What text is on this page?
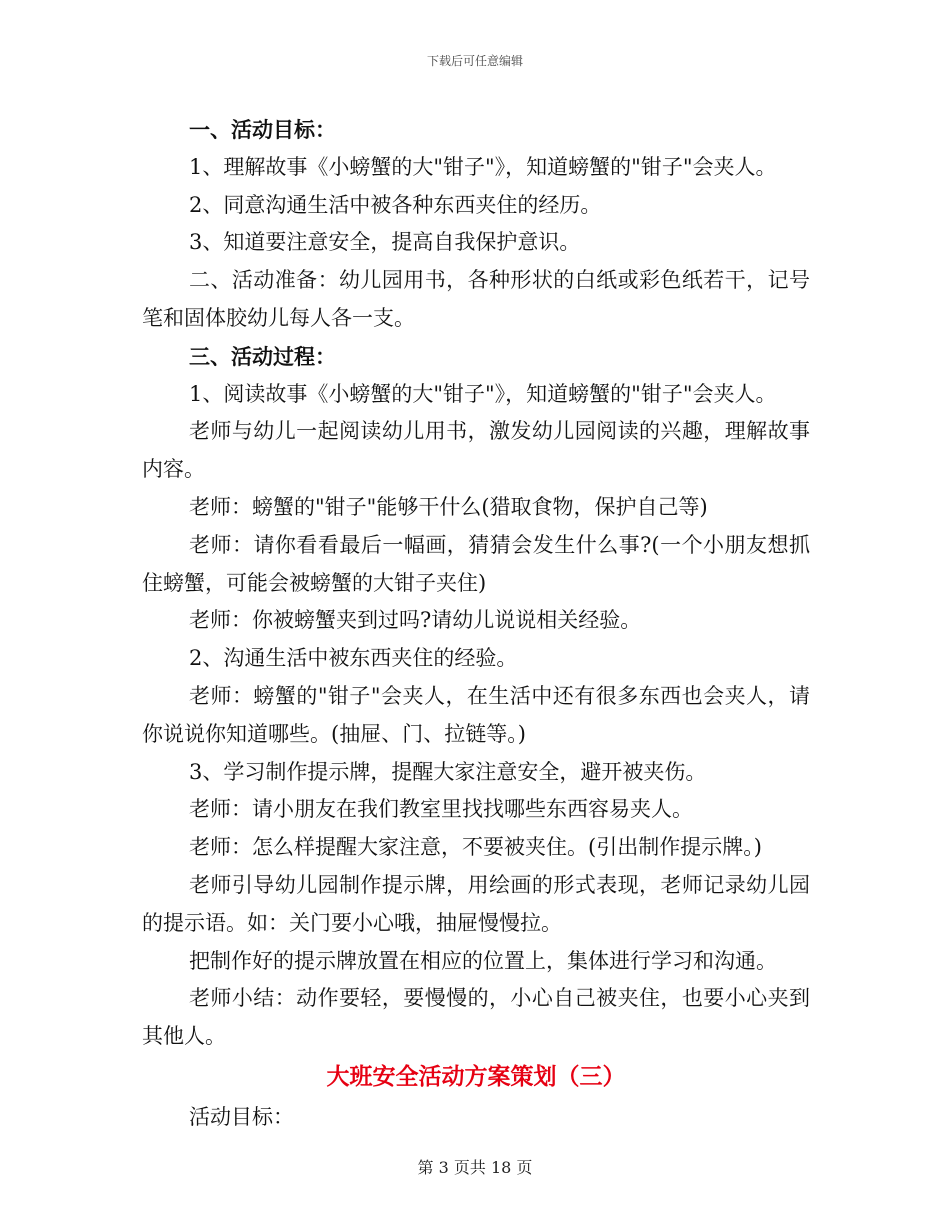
下载后可任意编辑

一、活动目标：

1、理解故事《小螃蟹的大"钳子"》，知道螃蟹的"钳子"会夹人。

2、同意沟通生活中被各种东西夹住的经历。

3、知道要注意安全，提高自我保护意识。

二、活动准备：幼儿园用书，各种形状的白纸或彩色纸若干，记号笔和固体胶幼儿每人各一支。

三、活动过程：

1、阅读故事《小螃蟹的大"钳子"》，知道螃蟹的"钳子"会夹人。

老师与幼儿一起阅读幼儿用书，激发幼儿园阅读的兴趣，理解故事内容。

老师：螃蟹的"钳子"能够干什么(猎取食物，保护自己等)

老师：请你看看最后一幅画，猜猜会发生什么事?(一个小朋友想抓住螃蟹，可能会被螃蟹的大钳子夹住)

老师：你被螃蟹夹到过吗?请幼儿说说相关经验。

2、沟通生活中被东西夹住的经验。

老师：螃蟹的"钳子"会夹人，在生活中还有很多东西也会夹人，请你说说你知道哪些。(抽屉、门、拉链等。)

3、学习制作提示牌，提醒大家注意安全，避开被夹伤。

老师：请小朋友在我们教室里找找哪些东西容易夹人。

老师：怎么样提醒大家注意，不要被夹住。(引出制作提示牌。)

老师引导幼儿园制作提示牌，用绘画的形式表现，老师记录幼儿园的提示语。如：关门要小心哦，抽屉慢慢拉。

把制作好的提示牌放置在相应的位置上，集体进行学习和沟通。

老师小结：动作要轻，要慢慢的，小心自己被夹住，也要小心夹到其他人。

大班安全活动方案策划（三）

活动目标：

第 3 页共 18 页
